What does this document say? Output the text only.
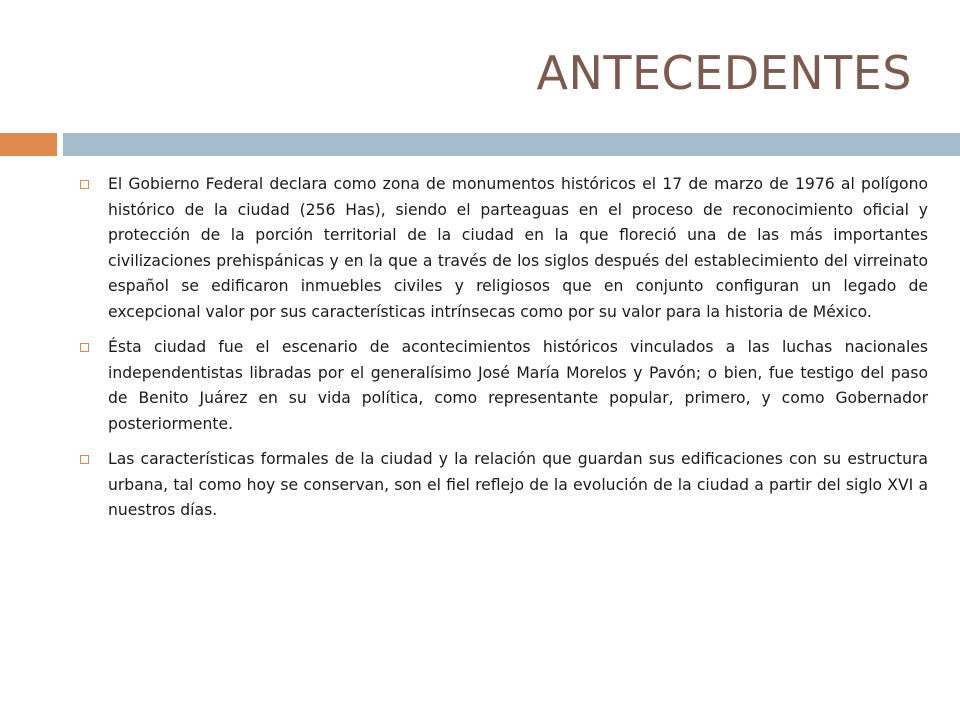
ANTECEDENTES
El Gobierno Federal declara como zona de monumentos históricos el 17 de marzo de 1976 al polígono histórico de la ciudad (256 Has), siendo el parteaguas en el proceso de reconocimiento oficial y protección de la porción territorial de la ciudad en la que floreció una de las más importantes civilizaciones prehispánicas y en la que a través de los siglos después del establecimiento del virreinato español se edificaron inmuebles civiles y religiosos que en conjunto configuran un legado de excepcional valor por sus características intrínsecas como por su valor para la historia de México.
Ésta ciudad fue el escenario de acontecimientos históricos vinculados a las luchas nacionales independentistas libradas por el generalísimo José María Morelos y Pavón; o bien, fue testigo del paso de Benito Juárez en su vida política, como representante popular, primero, y como Gobernador posteriormente.
Las características formales de la ciudad y la relación que guardan sus edificaciones con su estructura urbana, tal como hoy se conservan, son el fiel reflejo de la evolución de la ciudad a partir del siglo XVI a nuestros días.
